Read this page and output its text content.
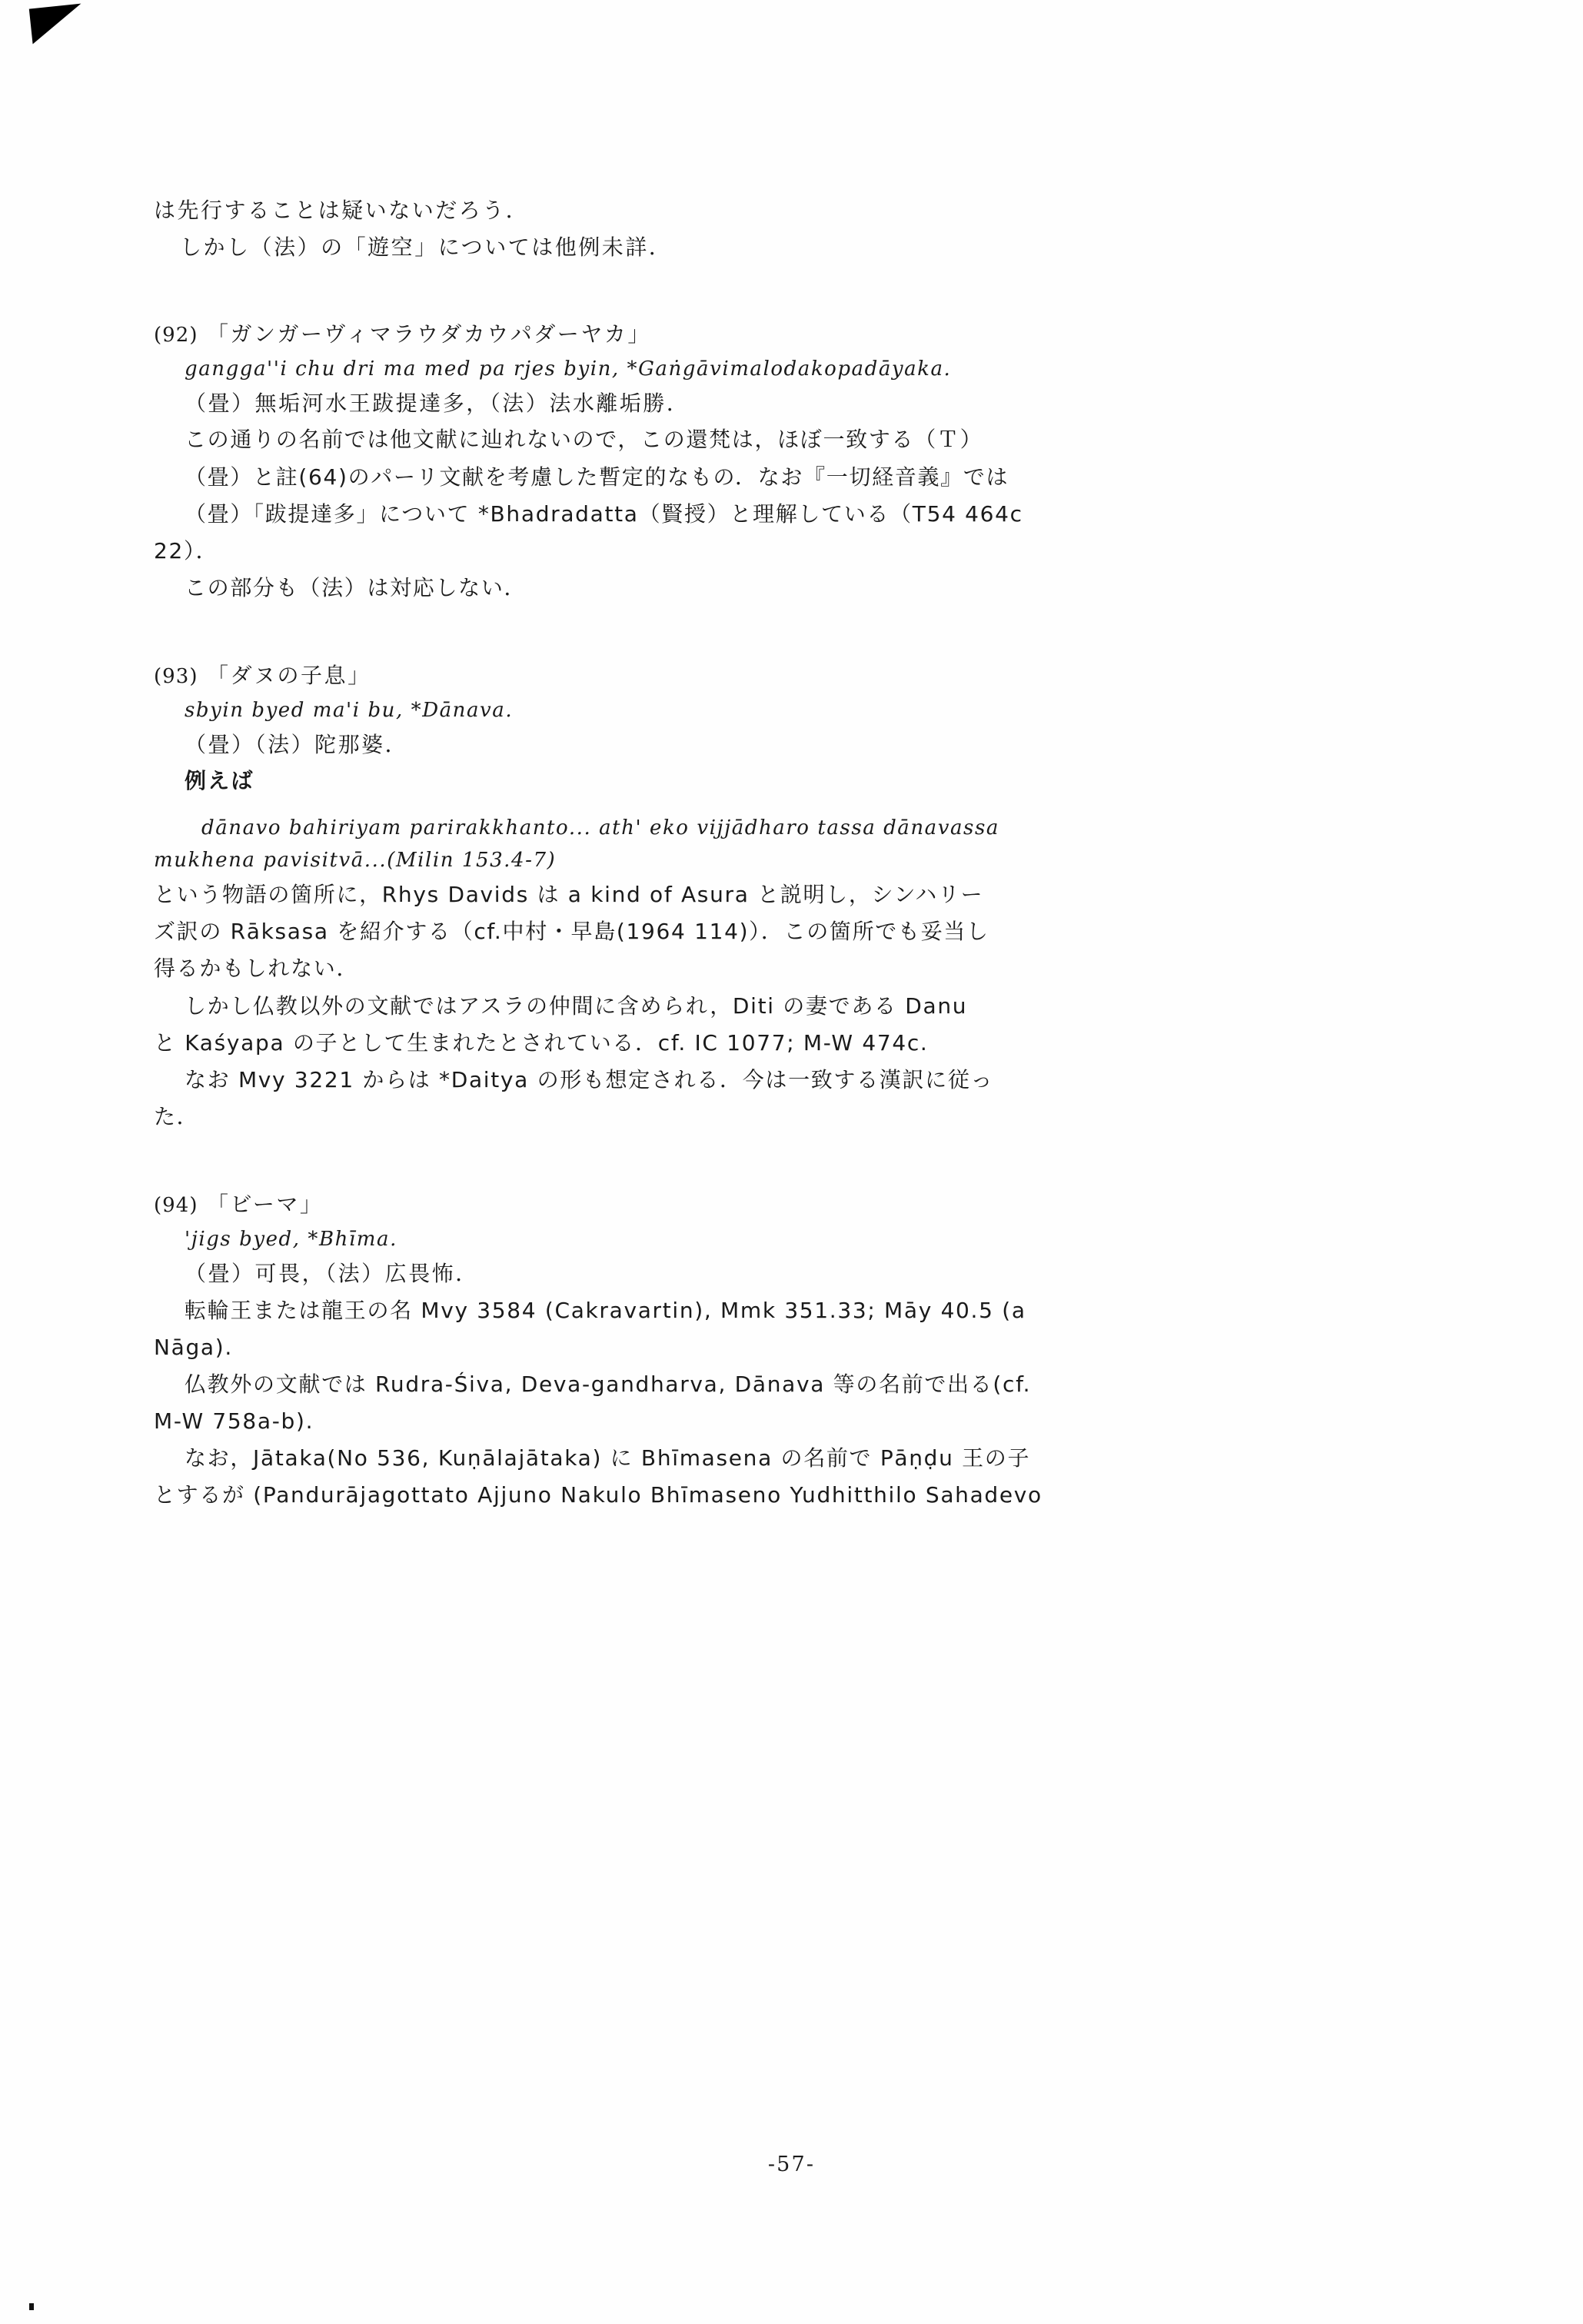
は先行することは疑いないだろう．

しかし（法）の「遊空」については他例未詳．

(92) 「ガンガーヴィマラウダカウパダーヤカ」

gangga''i chu dri ma med pa rjes byin, *Gaṅgāvimalodakopadāyaka.

（畳）無垢河水王跋提達多，（法）法水離垢勝．

この通りの名前では他文献に辿れないので，この還梵は，ほぼ一致する（Ｔ）

（畳）と註(64)のパーリ文献を考慮した暫定的なもの．なお『一切経音義』では

（畳）「跋提達多」について *Bhadradatta（賢授）と理解している（T54 464c

22）．

この部分も（法）は対応しない．

(93) 「ダヌの子息」

sbyin byed ma'i bu, *Dānava.

（畳）（法）陀那婆．

例えば

dānavo bahiriyam parirakkhanto... ath' eko vijjādharo tassa dānavassa

mukhena pavisitvā...(Milin 153.4-7)

という物語の箇所に，Rhys Davids は a kind of Asura と説明し，シンハリー

ズ訳の Rāksasa を紹介する（cf.中村・早島(1964 114)）．この箇所でも妥当し

得るかもしれない．

しかし仏教以外の文献ではアスラの仲間に含められ，Diti の妻である Danu

と Kaśyapa の子として生まれたとされている．cf. IC 1077; M-W 474c.

なお Mvy 3221 からは *Daitya の形も想定される．今は一致する漢訳に従っ

た．

(94) 「ビーマ」

'jigs byed, *Bhīma.

（畳）可畏，（法）広畏怖．

転輪王または龍王の名 Mvy 3584 (Cakravartin), Mmk 351.33; Māy 40.5 (a

Nāga).

仏教外の文献では Rudra-Śiva, Deva-gandharva, Dānava 等の名前で出る(cf.

M-W 758a-b).

なお，Jātaka(No 536, Kuṇālajātaka) に Bhīmasena の名前で Pāṇḍu 王の子

とするが (Pandurājagottato Ajjuno Nakulo Bhīmaseno Yudhitthilo Sahadevo

-57-
